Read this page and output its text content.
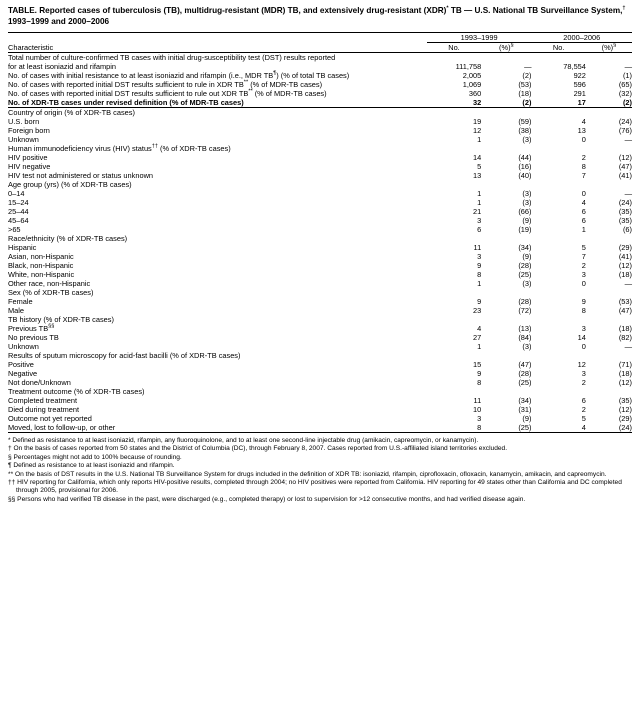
TABLE. Reported cases of tuberculosis (TB), multidrug-resistant (MDR) TB, and extensively drug-resistant (XDR)* TB — U.S. National TB Surveillance System,† 1993–1999 and 2000–2006
	1993–1999		2000–2006	
Characteristic	No.	(%)§	No.	(%)§
Total number of culture-confirmed TB cases with initial drug-susceptibility test (DST) results reported				
for at least isoniazid and rifampin	111,758	—	78,554	—
No. of cases with initial resistance to at least isoniazid and rifampin (i.e., MDR TB¶) (% of total TB cases)	2,005	(2)	922	(1)
No. of cases with reported initial DST results sufficient to rule in XDR TB** (% of MDR-TB cases)	1,069	(53)	596	(65)
No. of cases with reported initial DST results sufficient to rule out XDR TB** (% of MDR-TB cases)	360	(18)	291	(32)
No. of XDR-TB cases under revised definition (% of MDR-TB cases)	32	(2)	17	(2)
Country of origin (% of XDR-TB cases)				
U.S. born	19	(59)	4	(24)
Foreign born	12	(38)	13	(76)
Unknown	1	(3)	0	—
Human immunodeficiency virus (HIV) status†† (% of XDR-TB cases)				
HIV positive	14	(44)	2	(12)
HIV negative	5	(16)	8	(47)
HIV test not administered or status unknown	13	(40)	7	(41)
Age group (yrs) (% of XDR-TB cases)				
0–14	1	(3)	0	—
15–24	1	(3)	4	(24)
25–44	21	(66)	6	(35)
45–64	3	(9)	6	(35)
>65	6	(19)	1	(6)
Race/ethnicity (% of XDR-TB cases)				
Hispanic	11	(34)	5	(29)
Asian, non-Hispanic	3	(9)	7	(41)
Black, non-Hispanic	9	(28)	2	(12)
White, non-Hispanic	8	(25)	3	(18)
Other race, non-Hispanic	1	(3)	0	—
Sex (% of XDR-TB cases)				
Female	9	(28)	9	(53)
Male	23	(72)	8	(47)
TB history (% of XDR-TB cases)				
Previous TB§§	4	(13)	3	(18)
No previous TB	27	(84)	14	(82)
Unknown	1	(3)	0	—
Results of sputum microscopy for acid-fast bacilli (% of XDR-TB cases)				
Positive	15	(47)	12	(71)
Negative	9	(28)	3	(18)
Not done/Unknown	8	(25)	2	(12)
Treatment outcome (% of XDR-TB cases)				
Completed treatment	11	(34)	6	(35)
Died during treatment	10	(31)	2	(12)
Outcome not yet reported	3	(9)	5	(29)
Moved, lost to follow-up, or other	8	(25)	4	(24)
* Defined as resistance to at least isoniazid, rifampin, any fluoroquinolone, and to at least one second-line injectable drug (amikacin, capreomycin, or kanamycin).
† On the basis of cases reported from 50 states and the District of Columbia (DC), through February 8, 2007. Cases reported from U.S.-affiliated island territories excluded.
§ Percentages might not add to 100% because of rounding.
¶ Defined as resistance to at least isoniazid and rifampin.
** On the basis of DST results in the U.S. National TB Surveillance System for drugs included in the definition of XDR TB: isoniazid, rifampin, ciprofloxacin, ofloxacin, kanamycin, amikacin, and capreomycin.
†† HIV reporting for California, which only reports HIV-positive results, completed through 2004; no HIV positives were reported from California. HIV reporting for 49 states other than California and DC completed through 2005, provisional for 2006.
§§ Persons who had verified TB disease in the past, were discharged (e.g., completed therapy) or lost to supervision for >12 consecutive months, and had verified disease again.
